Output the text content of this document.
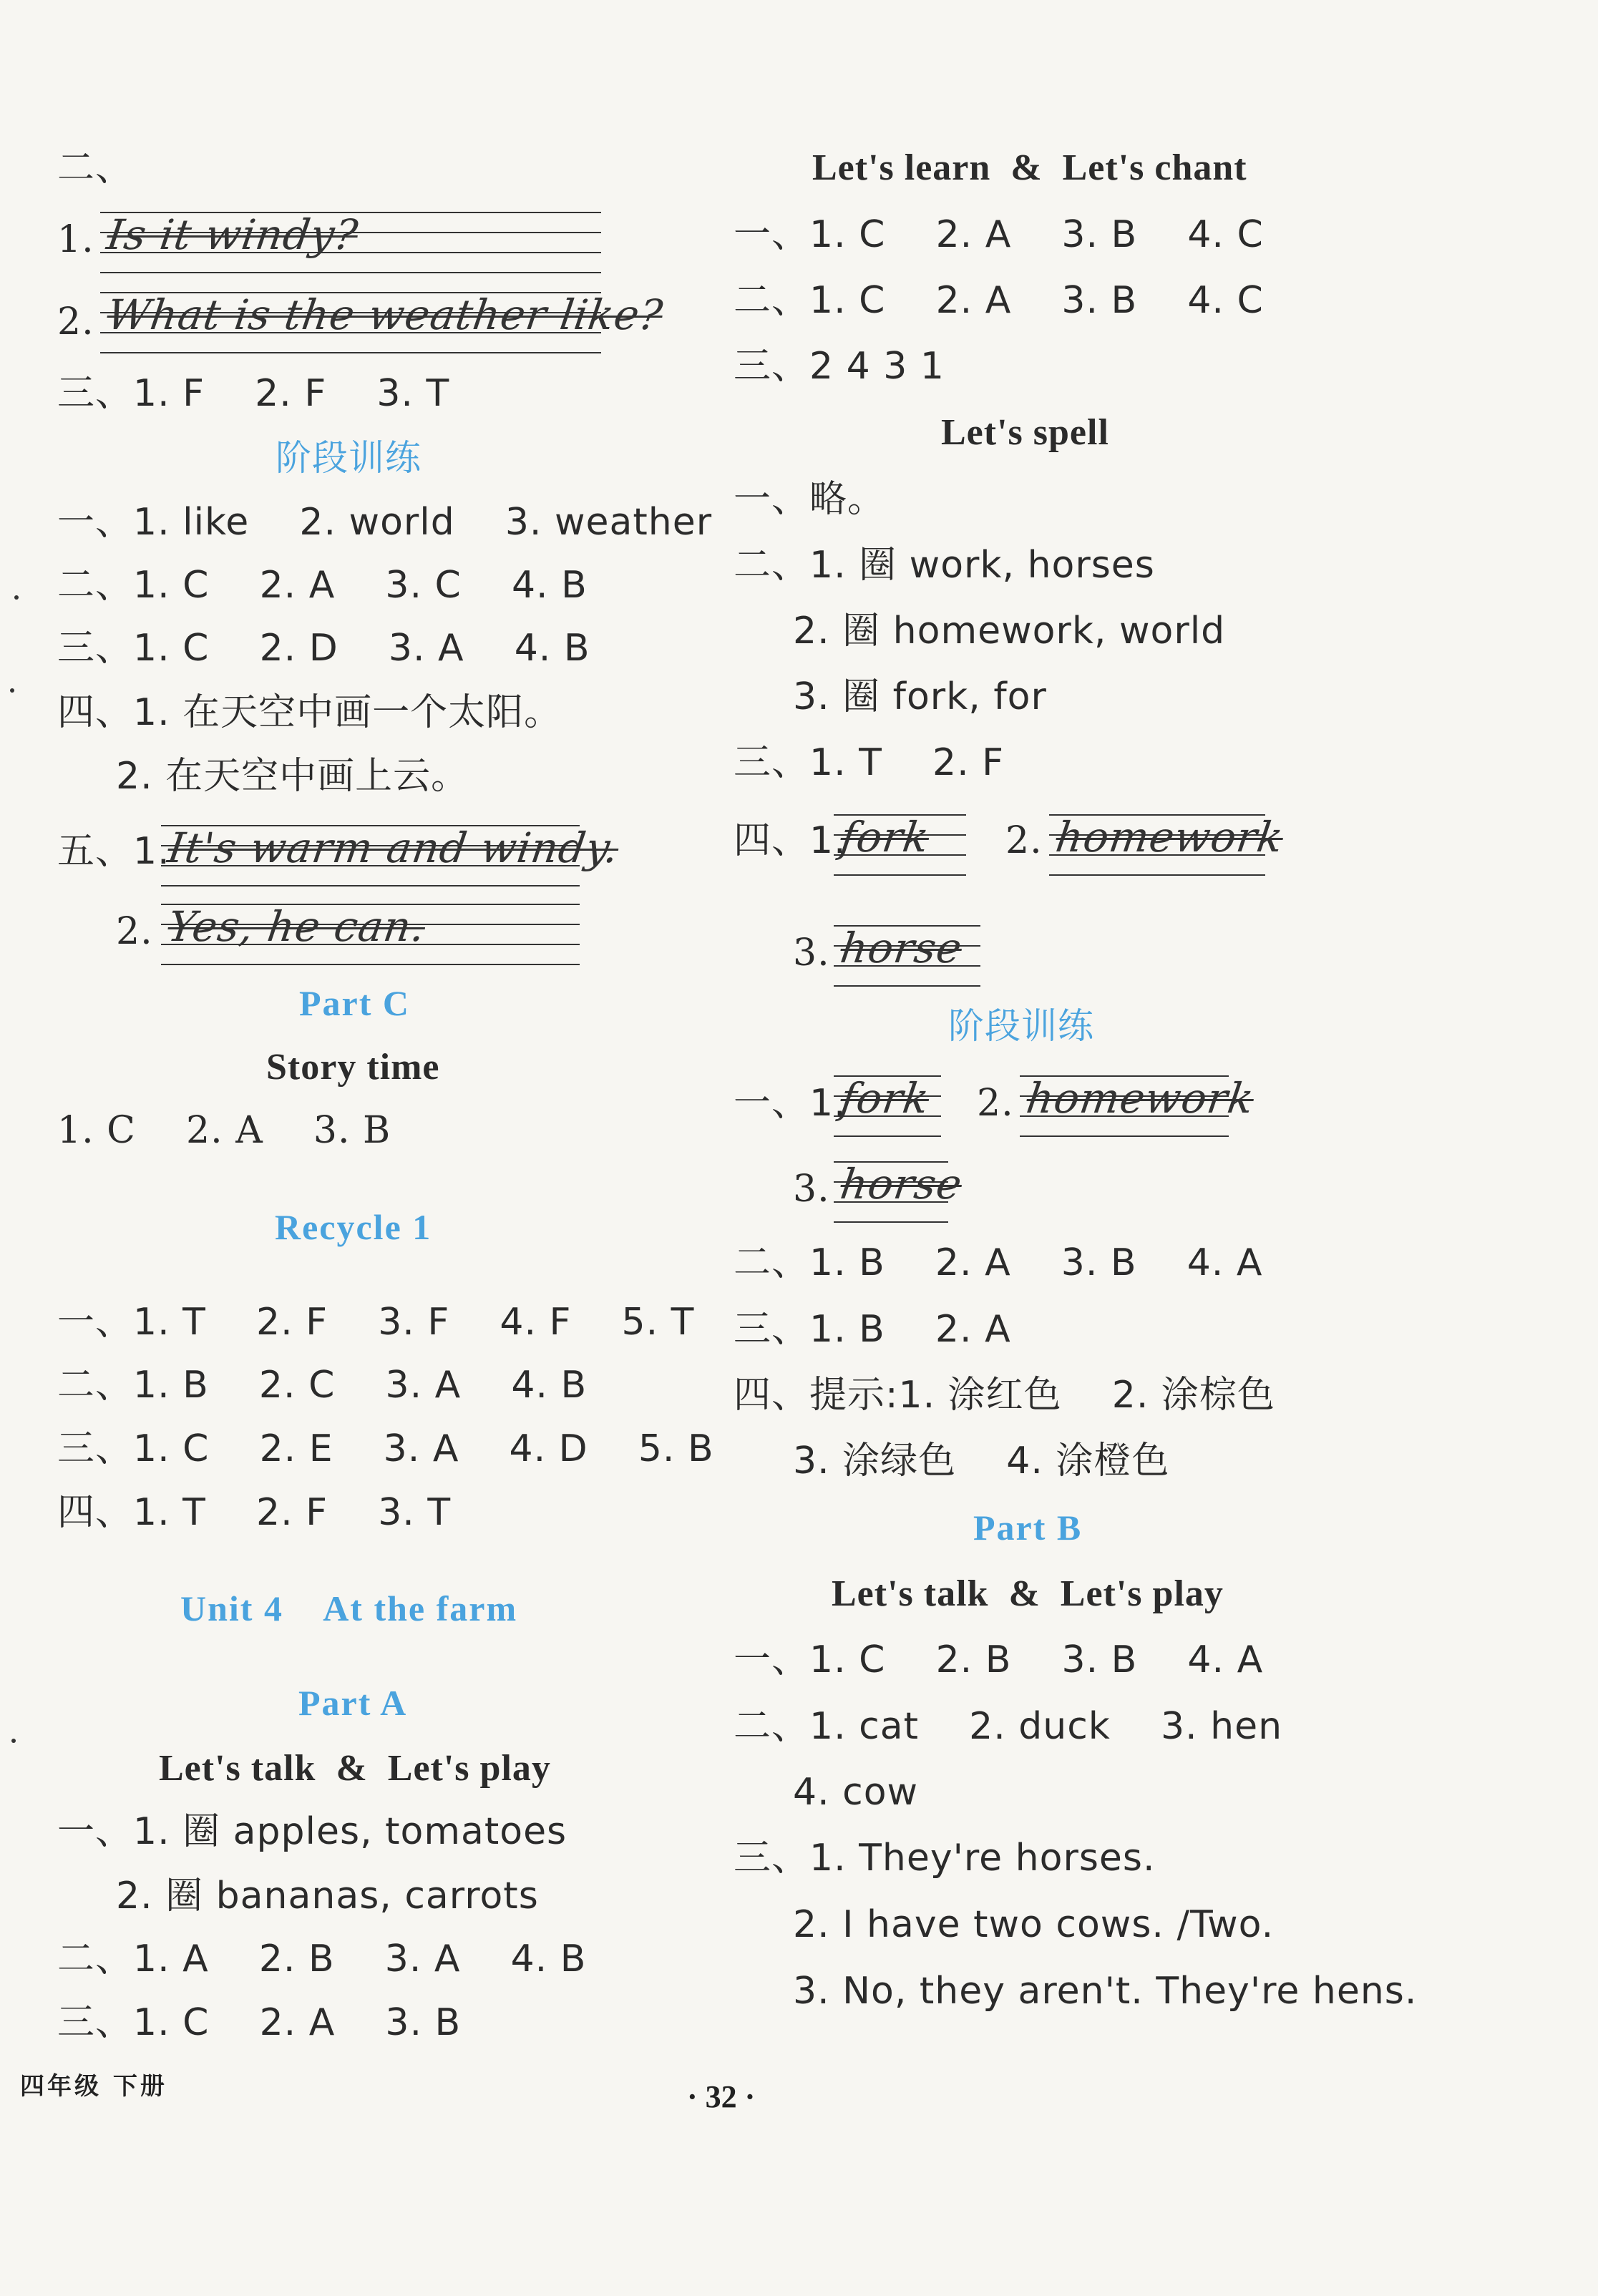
二、
1. Is it windy?
2. What is the weather like?
三、1. F    2. F    3. T
阶段训练
一、1. like    2. world    3. weather
二、1. C    2. A    3. C    4. B
三、1. C    2. D    3. A    4. B
四、1. 在天空中画一个太阳。
2. 在天空中画上云。
五、1.
It's warm and windy.
2. Yes, he can.
Part C
Story time
1. C    2. A    3. B
Recycle 1
一、1. T    2. F    3. F    4. F    5. T
二、1. B    2. C    3. A    4. B
三、1. C    2. E    3. A    4. D    5. B
四、1. T    2. F    3. T
Unit 4    At the farm
Part A
Let's talk  &  Let's play
一、1. 圈 apples, tomatoes
2. 圈 bananas, carrots
二、1. A    2. B    3. A    4. B
三、1. C    2. A    3. B
Let's learn  &  Let's chant
一、1. C    2. A    3. B    4. C
二、1. C    2. A    3. B    4. C
三、2 4 3 1
Let's spell
一、略。
二、1. 圈 work, horses
2. 圈 homework, world
3. 圈 fork, for
三、1. T    2. F
四、1.
fork 2. homework
3. horse
阶段训练
一、1.
fork 2. homework
3. horse
二、1. B    2. A    3. B    4. A
三、1. B    2. A
四、提示:1. 涂红色    2. 涂棕色
3. 涂绿色    4. 涂橙色
Part B
Let's talk  &  Let's play
一、1. C    2. B    3. B    4. A
二、1. cat    2. duck    3. hen
4. cow
三、1. They're horses.
2. I have two cows. /Two.
3. No, they aren't. They're hens.
四年级 下册	· 32 ·
